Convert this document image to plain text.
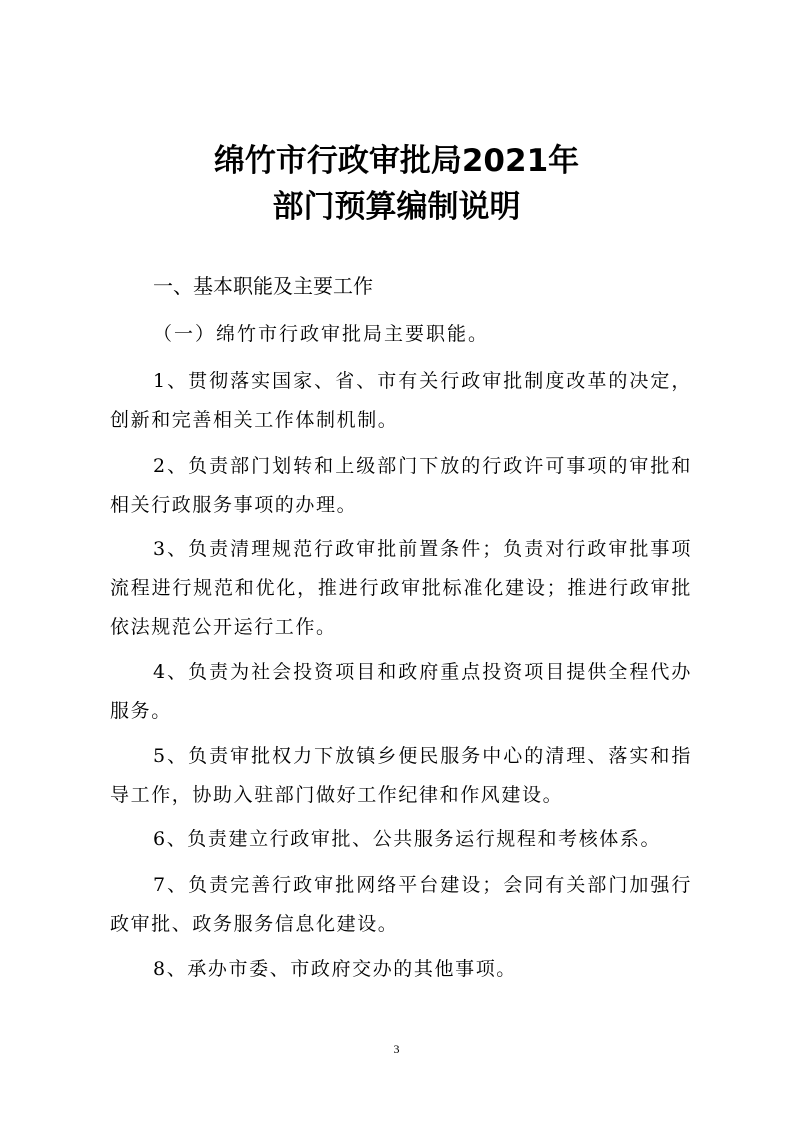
绵竹市行政审批局2021年
部门预算编制说明
一、基本职能及主要工作
（一）绵竹市行政审批局主要职能。

1、贯彻落实国家、省、市有关行政审批制度改革的决定，创新和完善相关工作体制机制。

2、负责部门划转和上级部门下放的行政许可事项的审批和相关行政服务事项的办理。

3、负责清理规范行政审批前置条件；负责对行政审批事项流程进行规范和优化，推进行政审批标准化建设；推进行政审批依法规范公开运行工作。

4、负责为社会投资项目和政府重点投资项目提供全程代办服务。

5、负责审批权力下放镇乡便民服务中心的清理、落实和指导工作，协助入驻部门做好工作纪律和作风建设。

6、负责建立行政审批、公共服务运行规程和考核体系。

7、负责完善行政审批网络平台建设；会同有关部门加强行政审批、政务服务信息化建设。

8、承办市委、市政府交办的其他事项。

3
